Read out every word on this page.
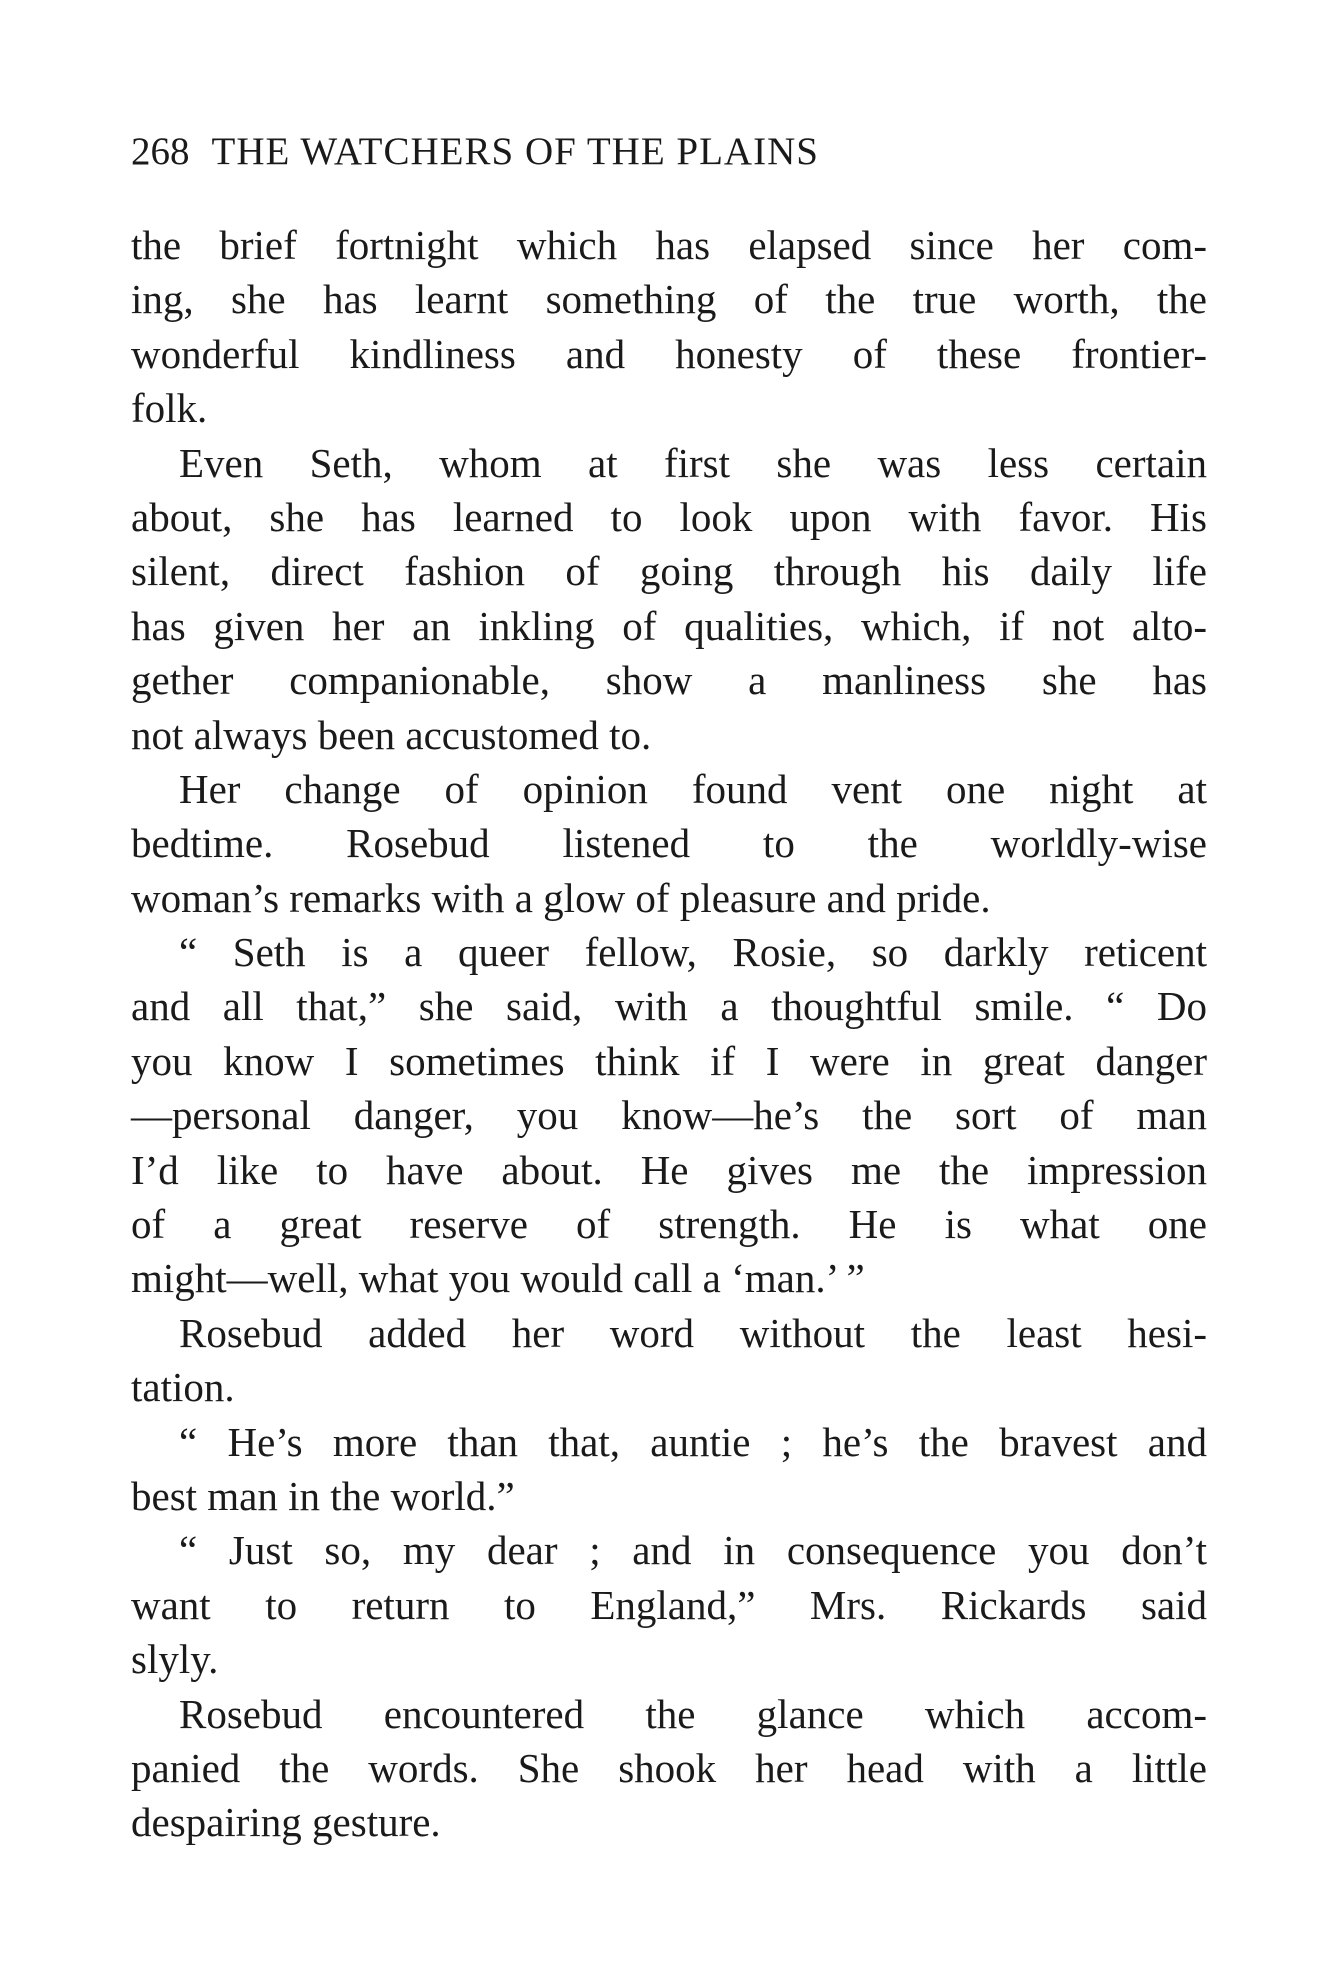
268 THE WATCHERS OF THE PLAINS
the brief fortnight which has elapsed since her com-
ing, she has learnt something of the true worth, the
wonderful kindliness and honesty of these frontier-
folk.
Even Seth, whom at first she was less certain
about, she has learned to look upon with favor. His
silent, direct fashion of going through his daily life
has given her an inkling of qualities, which, if not alto-
gether companionable, show a manliness she has
not always been accustomed to.
Her change of opinion found vent one night at
bedtime. Rosebud listened to the worldly-wise
woman’s remarks with a glow of pleasure and pride.
“ Seth is a queer fellow, Rosie, so darkly reticent
and all that,” she said, with a thoughtful smile. “ Do
you know I sometimes think if I were in great danger
—personal danger, you know—he’s the sort of man
I’d like to have about. He gives me the impression
of a great reserve of strength. He is what one
might—well, what you would call a ‘man.’ ”
Rosebud added her word without the least hesi-
tation.
“ He’s more than that, auntie ; he’s the bravest and
best man in the world.”
“ Just so, my dear ; and in consequence you don’t
want to return to England,” Mrs. Rickards said
slyly.
Rosebud encountered the glance which accom-
panied the words. She shook her head with a little
despairing gesture.
